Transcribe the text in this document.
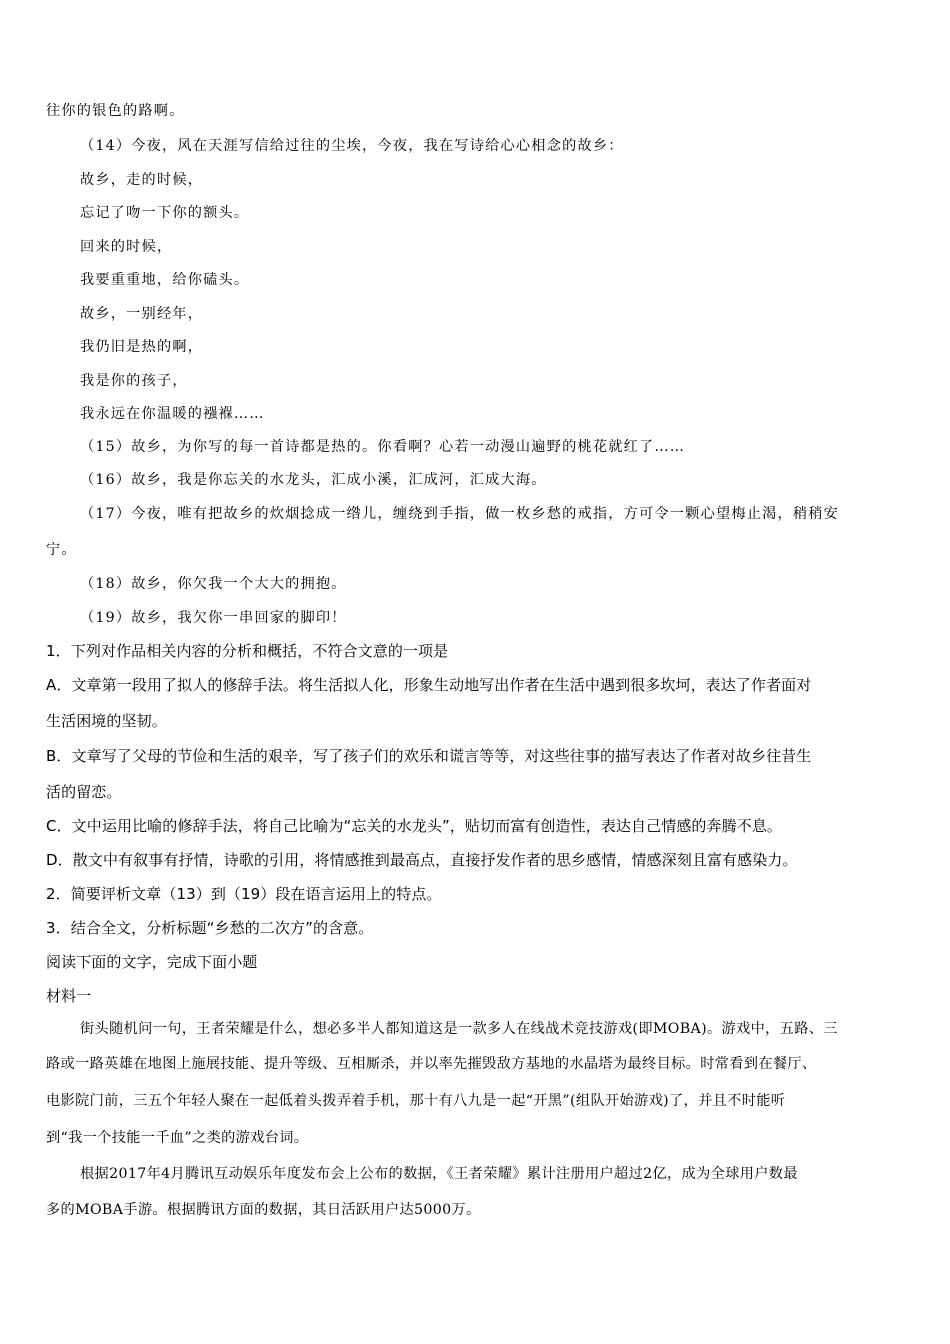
往你的银色的路啊。
（14）今夜，风在天涯写信给过往的尘埃，今夜，我在写诗给心心相念的故乡：
故乡，走的时候，
忘记了吻一下你的额头。
回来的时候，
我要重重地，给你磕头。
故乡，一别经年，
我仍旧是热的啊，
我是你的孩子，
我永远在你温暖的襁褓……
（15）故乡，为你写的每一首诗都是热的。你看啊？心若一动漫山遍野的桃花就红了……
（16）故乡，我是你忘关的水龙头，汇成小溪，汇成河，汇成大海。
（17）今夜，唯有把故乡的炊烟捻成一绺儿，缠绕到手指，做一枚乡愁的戒指，方可令一颗心望梅止渴，稍稍安
宁。
（18）故乡，你欠我一个大大的拥抱。
（19）故乡，我欠你一串回家的脚印！
1．下列对作品相关内容的分析和概括，不符合文意的一项是
A．文章第一段用了拟人的修辞手法。将生活拟人化，形象生动地写出作者在生活中遇到很多坎坷，表达了作者面对
生活困境的坚韧。
B．文章写了父母的节俭和生活的艰辛，写了孩子们的欢乐和谎言等等，对这些往事的描写表达了作者对故乡往昔生
活的留恋。
C．文中运用比喻的修辞手法，将自己比喻为“忘关的水龙头”，贴切而富有创造性，表达自己情感的奔腾不息。
D．散文中有叙事有抒情，诗歌的引用，将情感推到最高点，直接抒发作者的思乡感情，情感深刻且富有感染力。
2．简要评析文章（13）到（19）段在语言运用上的特点。
3．结合全文，分析标题“乡愁的二次方”的含意。
阅读下面的文字，完成下面小题
材料一
街头随机问一句，王者荣耀是什么，想必多半人都知道这是一款多人在线战术竞技游戏(即MOBA)。游戏中，五路、三
路或一路英雄在地图上施展技能、提升等级、互相厮杀，并以率先摧毁敌方基地的水晶塔为最终目标。时常看到在餐厅、
电影院门前，三五个年轻人聚在一起低着头拨弄着手机，那十有八九是一起“开黑”(组队开始游戏)了，并且不时能听
到“我一个技能一千血”之类的游戏台词。
根据2017年4月腾讯互动娱乐年度发布会上公布的数据，《王者荣耀》累计注册用户超过2亿，成为全球用户数最
多的MOBA手游。根据腾讯方面的数据，其日活跃用户达5000万。
